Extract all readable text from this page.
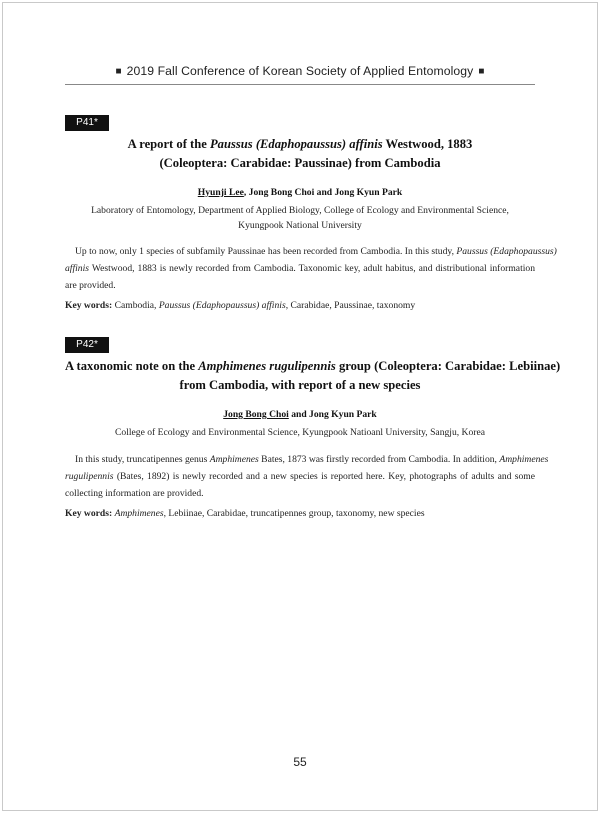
■ 2019 Fall Conference of Korean Society of Applied Entomology ■
P41*

A report of the Paussus (Edaphopaussus) affinis Westwood, 1883
(Coleoptera: Carabidae: Paussinae) from Cambodia

Hyunji Lee, Jong Bong Choi and Jong Kyun Park

Laboratory of Entomology, Department of Applied Biology, College of Ecology and Environmental Science,
Kyungpook National University

Up to now, only 1 species of subfamily Paussinae has been recorded from Cambodia. In this study, Paussus (Edaphopaussus)
affinis Westwood, 1883 is newly recorded from Cambodia. Taxonomic key, adult habitus, and distributional information
are provided.

Key words: Cambodia, Paussus (Edaphopaussus) affinis, Carabidae, Paussinae, taxonomy

P42*

A taxonomic note on the Amphimenes rugulipennis group (Coleoptera: Carabidae: Lebiinae)
from Cambodia, with report of a new species

Jong Bong Choi and Jong Kyun Park

College of Ecology and Environmental Science, Kyungpook Natioanl University, Sangju, Korea

In this study, truncatipennes genus Amphimenes Bates, 1873 was firstly recorded from Cambodia. In addition, Amphimenes
rugulipennis (Bates, 1892) is newly recorded and a new species is reported here. Key, photographs of adults and some
collecting information are provided.

Key words: Amphimenes, Lebiinae, Carabidae, truncatipennes group, taxonomy, new species

55
